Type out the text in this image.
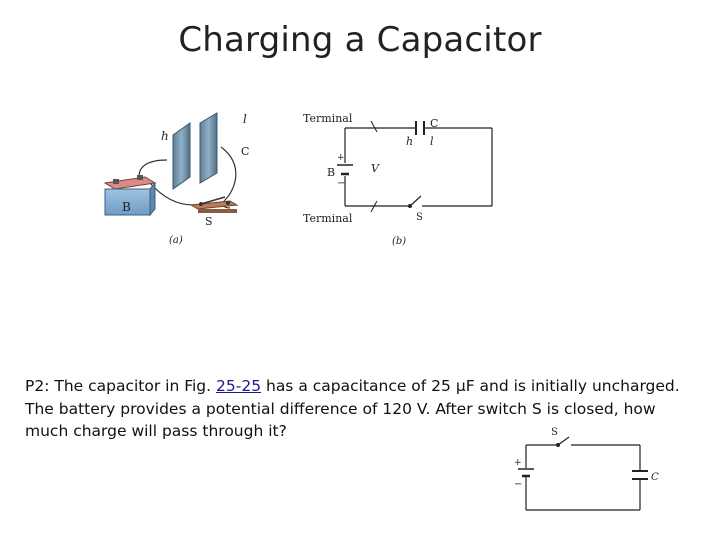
Charging a Capacitor
h
l
C
B
S
(a)
Terminal
Terminal
C
h l
B	V
+
−
S
(b)
P2: The capacitor in Fig. 25-25 has a capacitance of 25 μF and is initially uncharged. The battery provides a potential difference of 120 V. After switch S is closed, how much charge will pass through it?	S
C
+
−
